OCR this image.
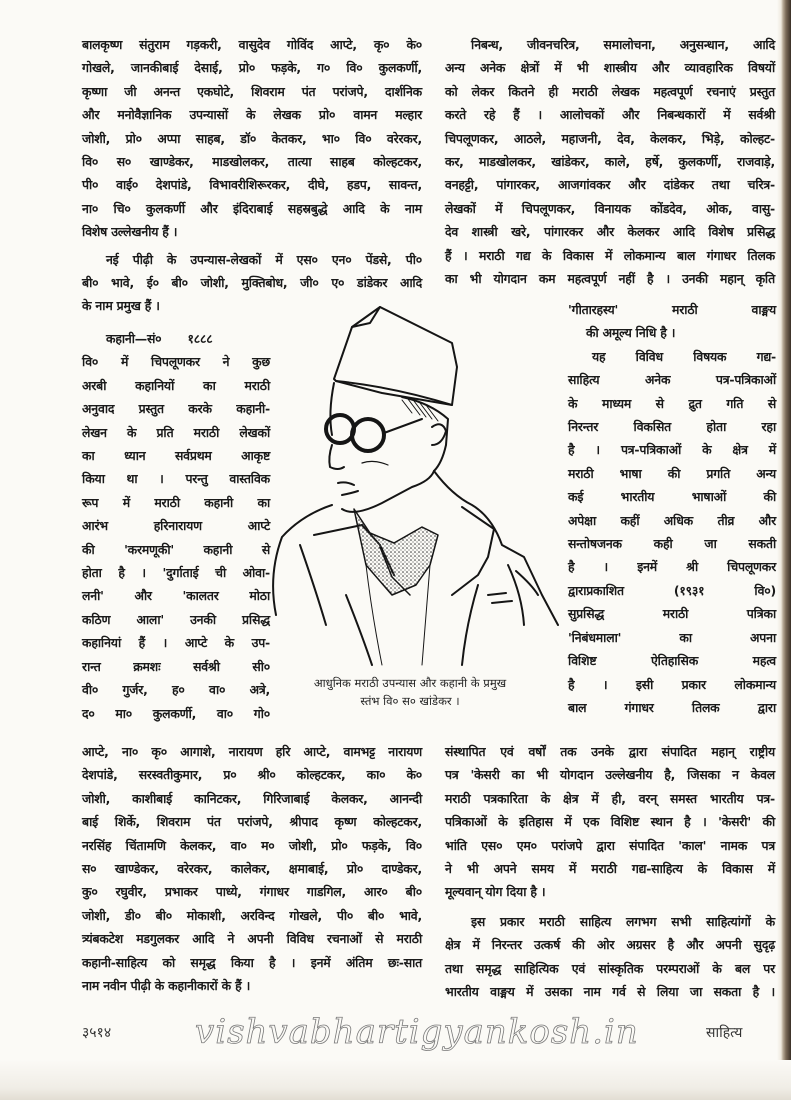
बालकृष्ण संतुराम गड़करी, वासुदेव गोविंद आप्टे, कृ० के०
गोखले, जानकीबाई देसाई, प्रो० फड़के, ग० वि० कुलकर्णी,
कृष्णा जी अनन्त एकघोटे, शिवराम पंत परांजपे, दार्शनिक
और मनोवैज्ञानिक उपन्यासों के लेखक प्रो० वामन मल्हार
जोशी, प्रो० अप्पा साहब, डॉ० केतकर, भा० वि० वरेरकर,
वि० स० खाण्डेकर, माडखोलकर, तात्या साहब कोल्हटकर,
पी० वाई० देशपांडे, विभावरीशिरूरकर, दीघे, हडप, सावन्त,
ना० चि० कुलकर्णी और इंदिराबाई सहस्रबुद्धे आदि के नाम
विशेष उल्लेखनीय हैं ।
नई पीढ़ी के उपन्यास-लेखकों में एस० एन० पेंडसे, पी०
बी० भावे, ई० बी० जोशी, मुक्तिबोध, जी० ए० डांडेकर आदि
के नाम प्रमुख हैं ।
कहानी—सं० १८८८
वि० में चिपलूणकर ने कुछ
अरबी कहानियों का मराठी
अनुवाद प्रस्तुत करके कहानी-
लेखन के प्रति मराठी लेखकों
का ध्यान सर्वप्रथम आकृष्ट
किया था । परन्तु वास्तविक
रूप में मराठी कहानी का
आरंभ हरिनारायण आप्टे
की 'करमणूकी' कहानी से
होता है । 'दुर्गाताई ची ओवा-
लनी' और 'कालतर मोठा
कठिण आला' उनकी प्रसिद्ध
कहानियां हैं । आप्टे के उप-
रान्त क्रमशः सर्वश्री सी०
वी० गुर्जर, ह० वा० अत्रे,
द० मा० कुलकर्णी, वा० गो०
आप्टे, ना० कृ० आगाशे, नारायण हरि आप्टे, वामभट्ट नारायण
देशपांडे, सरस्वतीकुमार, प्र० श्री० कोल्हटकर, का० के०
जोशी, काशीबाई कानिटकर, गिरिजाबाई केलकर, आनन्दी
बाई शिर्के, शिवराम पंत परांजपे, श्रीपाद कृष्ण कोल्हटकर,
नरसिंह चिंतामणि केलकर, वा० म० जोशी, प्रो० फड़के, वि०
स० खाण्डेकर, वरेरकर, कालेकर, क्षमाबाई, प्रो० दाण्डेकर,
कु० रघुवीर, प्रभाकर पाध्ये, गंगाधर गाडगिल, आर० बी०
जोशी, डी० बी० मोकाशी, अरविन्द गोखले, पी० बी० भावे,
त्र्यंबकटेश मडगुलकर आदि ने अपनी विविध रचनाओं से मराठी
कहानी-साहित्य को समृद्ध किया है । इनमें अंतिम छः-सात
नाम नवीन पीढ़ी के कहानीकारों के हैं ।
निबन्ध, जीवनचरित्र, समालोचना, अनुसन्धान, आदि
अन्य अनेक क्षेत्रों में भी शास्त्रीय और व्यावहारिक विषयों
को लेकर कितने ही मराठी लेखक महत्वपूर्ण रचनाएं प्रस्तुत
करते रहे हैं । आलोचकों और निबन्धकारों में सर्वश्री
चिपलूणकर, आठले, महाजनी, देव, केलकर, भिड़े, कोल्हट-
कर, माडखोलकर, खांडेकर, काले, हर्षे, कुलकर्णी, राजवाड़े,
वनहट्टी, पांगारकर, आजगांवकर और दांडेकर तथा चरित्र-
लेखकों में चिपलूणकर, विनायक कोंडदेव, ओक, वासु-
देव शास्त्री खरे, पांगारकर और केलकर आदि विशेष प्रसिद्ध
हैं । मराठी गद्य के विकास में लोकमान्य बाल गंगाधर तिलक
का भी योगदान कम महत्वपूर्ण नहीं है । उनकी महान् कृति
'गीतारहस्य' मराठी वाङ्मय
की अमूल्य निधि है ।
यह विविध विषयक गद्य-
साहित्य अनेक पत्र-पत्रिकाओं
के माध्यम से द्रुत गति से
निरन्तर विकसित होता रहा
है । पत्र-पत्रिकाओं के क्षेत्र में
मराठी भाषा की प्रगति अन्य
कई भारतीय भाषाओं की
अपेक्षा कहीं अधिक तीव्र और
सन्तोषजनक कही जा सकती
है । इनमें श्री चिपलूणकर
द्वाराप्रकाशित (१९३१ वि०)
सुप्रसिद्ध मराठी पत्रिका
'निबंधमाला' का अपना
विशिष्ट ऐतिहासिक महत्व
है । इसी प्रकार लोकमान्य
बाल गंगाधर तिलक द्वारा
संस्थापित एवं वर्षों तक उनके द्वारा संपादित महान् राष्ट्रीय
पत्र 'केसरी का भी योगदान उल्लेखनीय है, जिसका न केवल
मराठी पत्रकारिता के क्षेत्र में ही, वरन् समस्त भारतीय पत्र-
पत्रिकाओं के इतिहास में एक विशिष्ट स्थान है । 'केसरी' की
भांति एस० एम० परांजपे द्वारा संपादित 'काल' नामक पत्र
ने भी अपने समय में मराठी गद्य-साहित्य के विकास में
मूल्यवान् योग दिया है ।
इस प्रकार मराठी साहित्य लगभग सभी साहित्यांगों के
क्षेत्र में निरन्तर उत्कर्ष की ओर अग्रसर है और अपनी सुदृढ़
तथा समृद्ध साहित्यिक एवं सांस्कृतिक परम्पराओं के बल पर
भारतीय वाङ्मय में उसका नाम गर्व से लिया जा सकता है ।
आधुनिक मराठी उपन्यास और कहानी के प्रमुख
स्तंभ वि० स० खांडेकर ।
३५१४ vishvabhartigyankosh.in	साहित्य
